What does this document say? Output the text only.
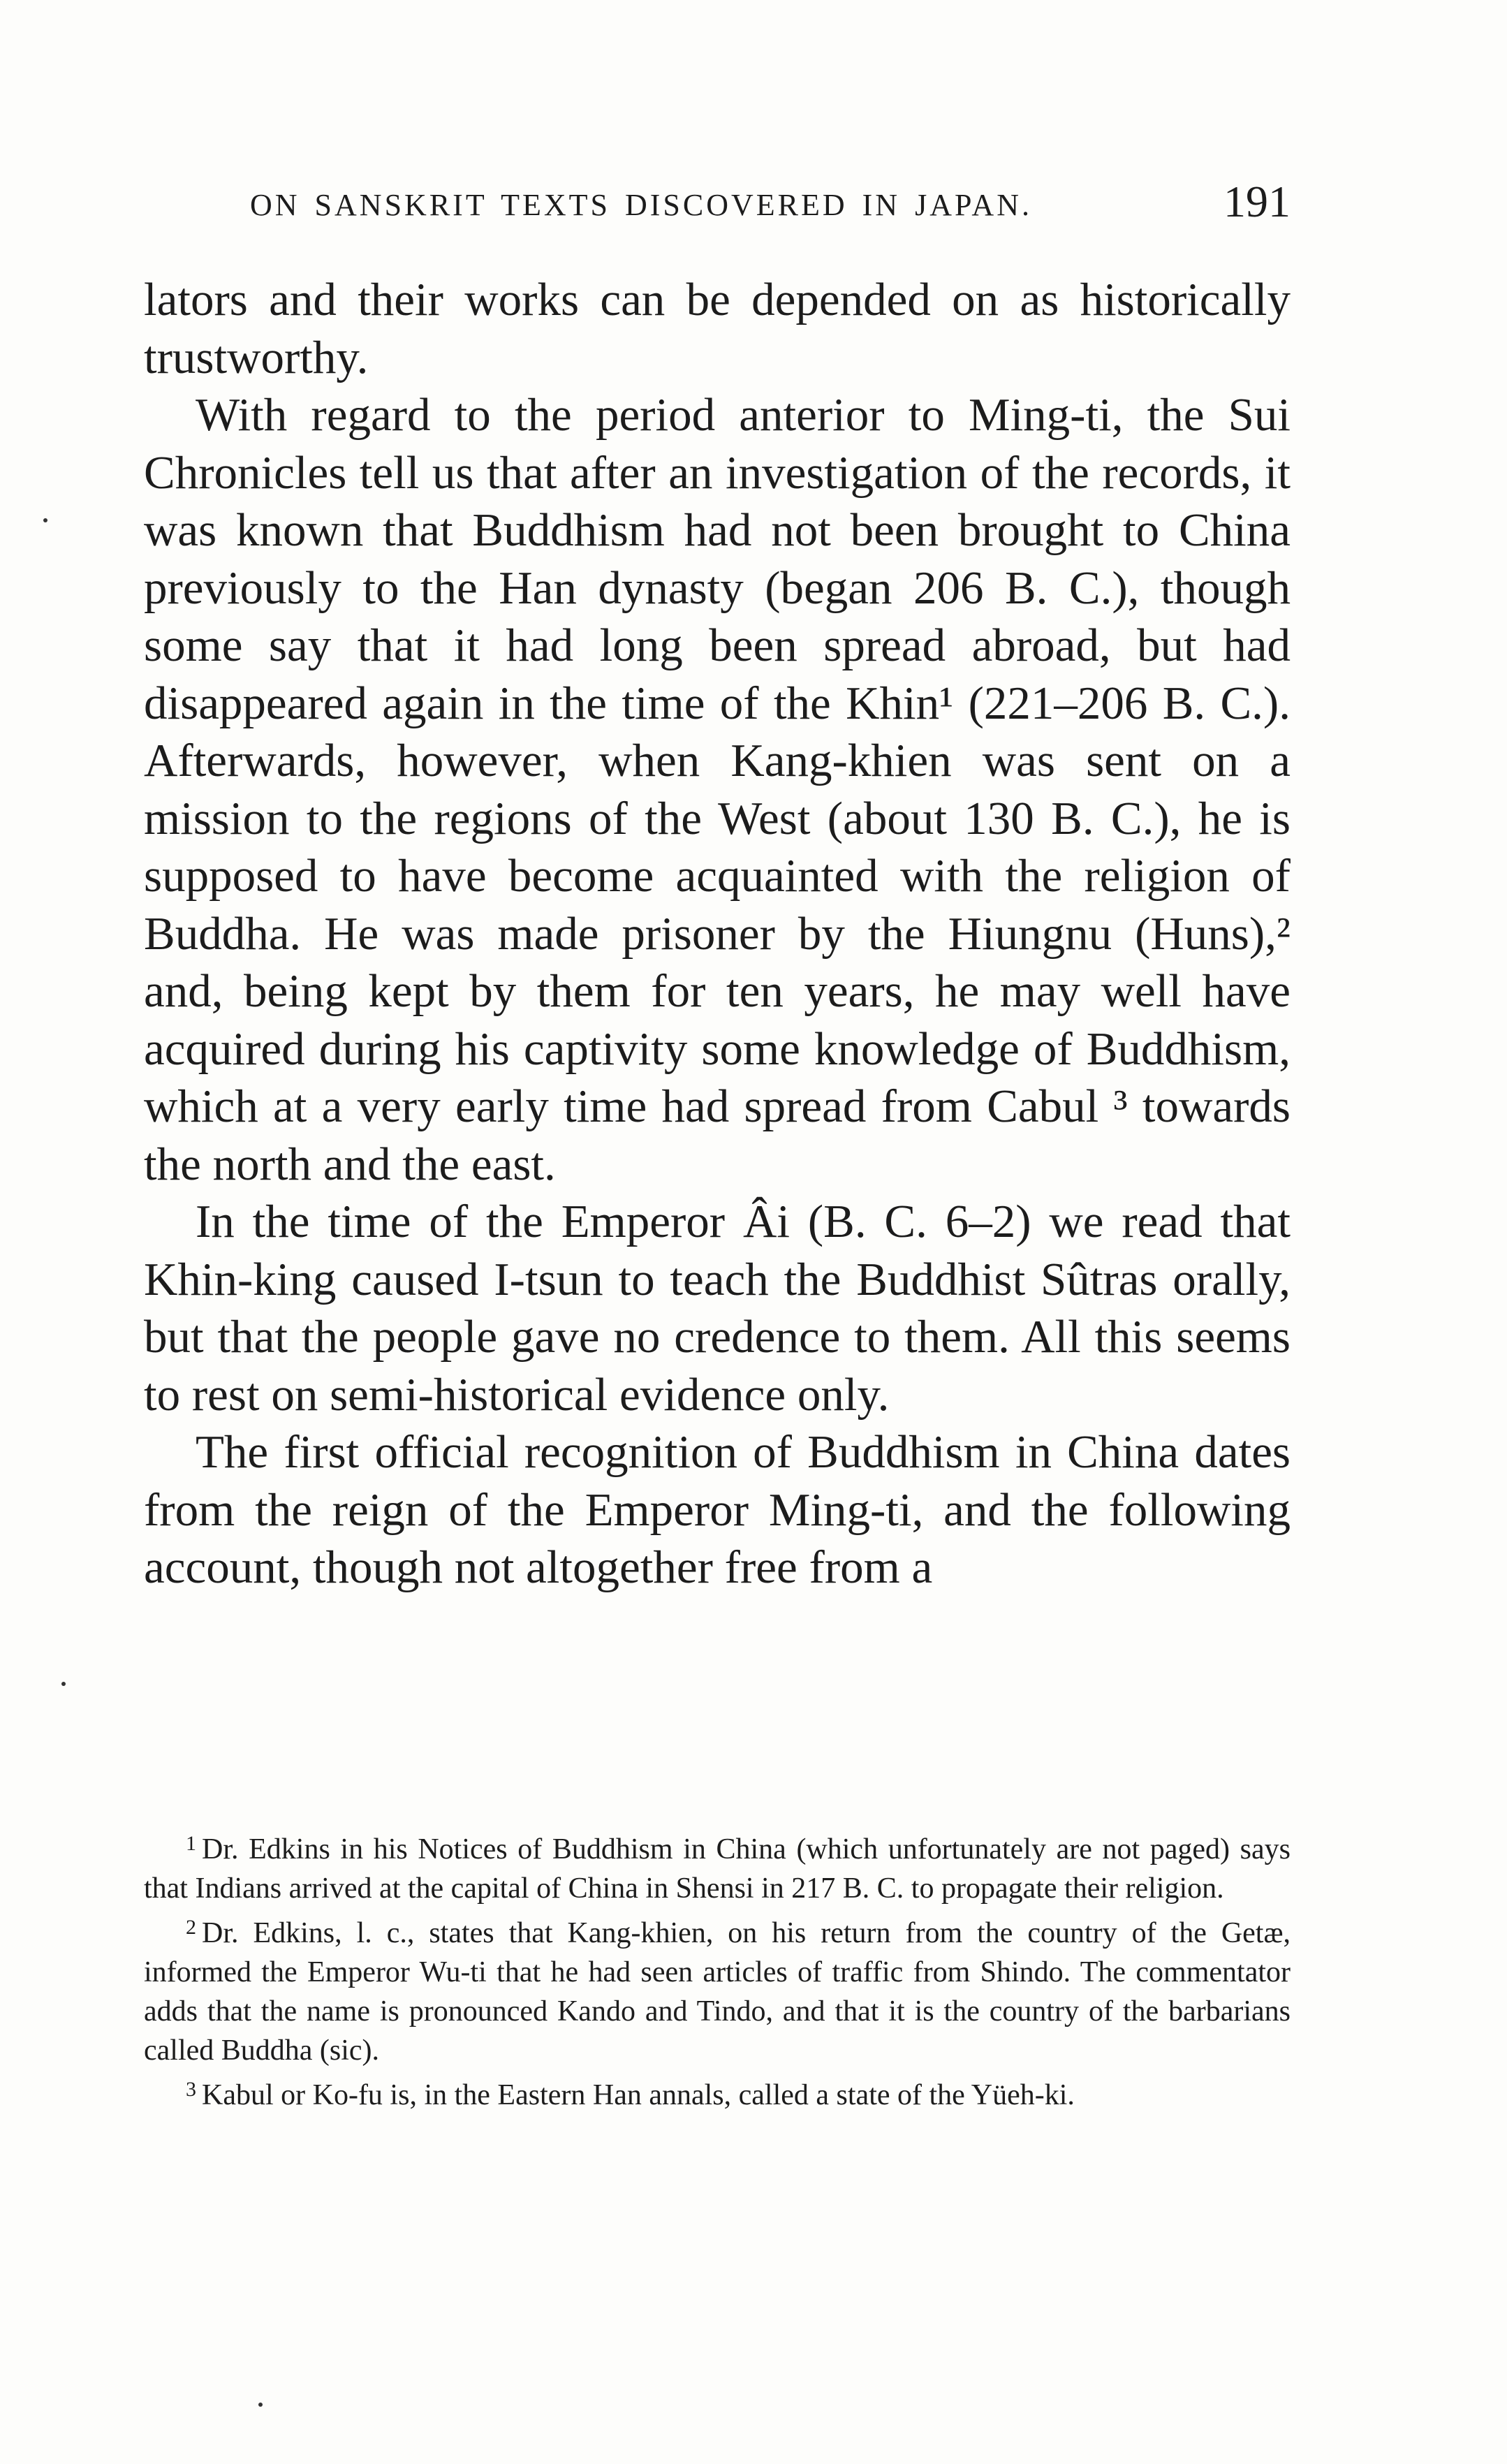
ON SANSKRIT TEXTS DISCOVERED IN JAPAN.	191

lators and their works can be depended on as historically trustworthy.

With regard to the period anterior to Ming-ti, the Sui Chronicles tell us that after an investigation of the records, it was known that Buddhism had not been brought to China previously to the Han dynasty (began 206 B. C.), though some say that it had long been spread abroad, but had disappeared again in the time of the Khin¹ (221–206 B. C.). Afterwards, however, when Kang-khien was sent on a mission to the regions of the West (about 130 B. C.), he is supposed to have become acquainted with the religion of Buddha. He was made prisoner by the Hiungnu (Huns),² and, being kept by them for ten years, he may well have acquired during his captivity some knowledge of Buddhism, which at a very early time had spread from Cabul ³ towards the north and the east.

In the time of the Emperor Âi (B. C. 6–2) we read that Khin-king caused I-tsun to teach the Buddhist Sûtras orally, but that the people gave no credence to them. All this seems to rest on semi-historical evidence only.

The first official recognition of Buddhism in China dates from the reign of the Emperor Ming-ti, and the following account, though not altogether free from a

$^1$ Dr. Edkins in his Notices of Buddhism in China (which unfortunately are not paged) says that Indians arrived at the capital of China in Shensi in 217 B. C. to propagate their religion.

$^2$ Dr. Edkins, l. c., states that Kang-khien, on his return from the country of the Getæ, informed the Emperor Wu-ti that he had seen articles of traffic from Shindo. The commentator adds that the name is pronounced Kando and Tindo, and that it is the country of the barbarians called Buddha (sic).

$^3$ Kabul or Ko-fu is, in the Eastern Han annals, called a state of the Yüeh-ki.
